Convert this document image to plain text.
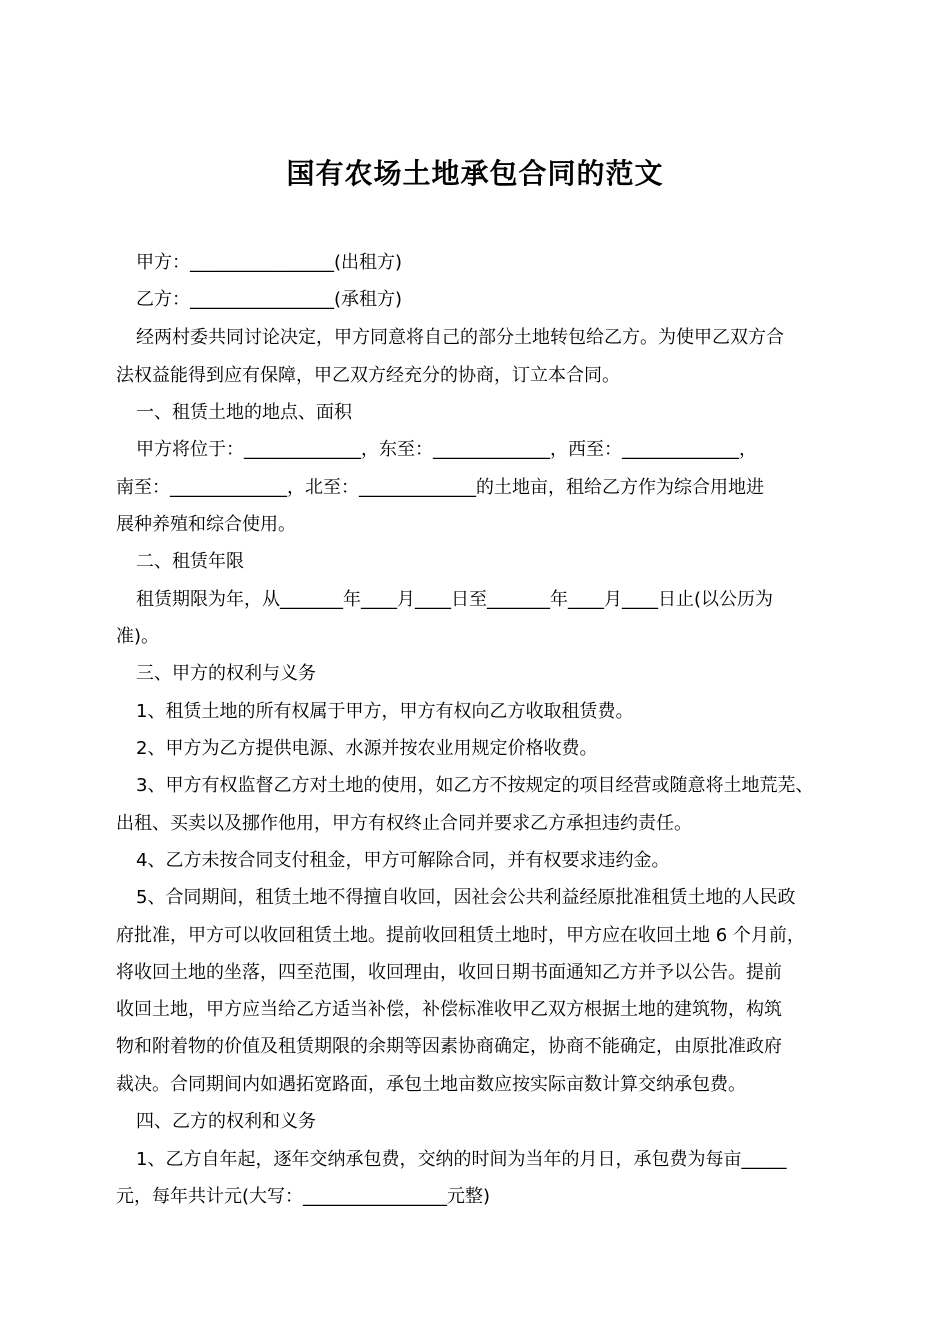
国有农场土地承包合同的范文

甲方：________________(出租方)

乙方：________________(承租方)

经两村委共同讨论决定，甲方同意将自己的部分土地转包给乙方。为使甲乙双方合

法权益能得到应有保障，甲乙双方经充分的协商，订立本合同。

一、租赁土地的地点、面积

甲方将位于：_____________，东至：_____________，西至：_____________，

南至：_____________，北至：_____________的土地亩，租给乙方作为综合用地进

展种养殖和综合使用。

二、租赁年限

租赁期限为年，从_______年____月____日至_______年____月____日止(以公历为

准)。

三、甲方的权利与义务

1、租赁土地的所有权属于甲方，甲方有权向乙方收取租赁费。

2、甲方为乙方提供电源、水源并按农业用规定价格收费。

3、甲方有权监督乙方对土地的使用，如乙方不按规定的项目经营或随意将土地荒芜、

出租、买卖以及挪作他用，甲方有权终止合同并要求乙方承担违约责任。

4、乙方未按合同支付租金，甲方可解除合同，并有权要求违约金。

5、合同期间，租赁土地不得擅自收回，因社会公共利益经原批准租赁土地的人民政

府批准，甲方可以收回租赁土地。提前收回租赁土地时，甲方应在收回土地 6 个月前，

将收回土地的坐落，四至范围，收回理由，收回日期书面通知乙方并予以公告。提前

收回土地，甲方应当给乙方适当补偿，补偿标准收甲乙双方根据土地的建筑物，构筑

物和附着物的价值及租赁期限的余期等因素协商确定，协商不能确定，由原批准政府

裁决。合同期间内如遇拓宽路面，承包土地亩数应按实际亩数计算交纳承包费。

四、乙方的权利和义务

1、乙方自年起，逐年交纳承包费，交纳的时间为当年的月日，承包费为每亩_____

元，每年共计元(大写：________________元整)
